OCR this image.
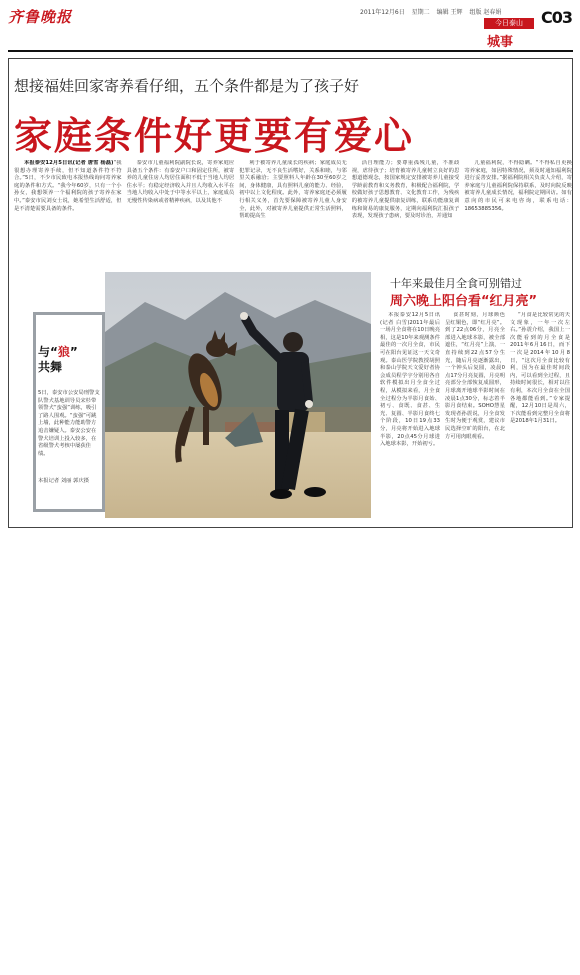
齐鲁晚报	2011年12月6日 星期二 编辑 王辉 组版 赵春娟
今日泰山
城事
C03
想接福娃回家寄养看仔细，五个条件都是为了孩子好
家庭条件好更要有爱心

本报泰安12月5日讯(记者 唐雪 杨磊)“我很想办理寄养手续，但不知道条件符不符合。”5日，不少市民致电本报热线询问寄养家庭的条件和方式。“我今年60岁，只有一个小孙女，我想领养一个福利院的孩子寄养在家中。”泰安市民刘女士说，她希望生活舒适，但是不清楚需要具备的条件。

泰安市儿童福利院副院长说，寄养家庭应具备五个条件：有泰安户口和固定住所，被寄养的儿童住房人均居住面积不低于当地人均居住水平；有稳定经济收入并且人均收入水平在当地人均收入中处于中等水平以上，家庭成员无慢性传染病或者精神疾病，以及其他不

利于被寄养儿童成长的疾病；家庭成员无犯罪记录，无不良生活嗜好，关系和睦，与邻里关系融洽；主要照料人年龄在30至60岁之间，身体健康，具有照料儿童的能力、经验，初中以上文化程度。此外，寄养家庭还必须履行相关义务，首先要保障被寄养儿童人身安全，此外，对被寄养儿童提供正常生活照料，帮助提高生

活自理能力；要尊重孤残儿童，不准歧视，虐待孩子；培育被寄养儿童树立良好的思想道德观念，按国家规定安排被寄养儿童接受学龄前教育和义务教育，积极配合福利院，学校做好孩子思想教育、文化教育工作，为残疾的被寄养儿童提供康复训练，联系功能康复训练和简易的康复服务，定期向福利院汇报孩子表现，发现孩子患病，要及时诊治，并通知

儿童福利院，不得隐瞒。“不得私自更换寄养家庭，如因特殊情况，须及时通知福利院进行妥善安排。”据福利院相关负责人介绍，寄养家庭与儿童福利院保持联系，及时向院反映被寄养儿童成长情况，福利院定期回访。如有意向的市民可来电咨询，联系电话：18653885356。

与“狼”
共舞
5日，泰安市公安局刑警支队警犬基地训导员宋杉带领警犬“蛮强”训练，吸引了路人围观。“蛮强”可跳上墙，此种能力能助警方追击嫌疑人。泰安公安在警犬培训上投入较多，在省级警犬考核中屡获佳绩。
本报记者 刘丽 郭庆摄
十年来最佳月全食可别错过
周六晚上阳台看“红月亮”

本报泰安12月5日讯(记者 白雪)2011年最后一场月全食将在10日晚亮相，这是10年来观测条件最佳的一次月全食，市民可在阳台见证这一天文奇观。泰山医学院教授胡照和泰山学院天文爱好者协会成员程学宇分别用各自软件模拟出月全食全过程，从模拟来看，月全食全过程分为半影月食始、初亏、食既、食甚、生光、复圆、半影月食终七个阶段，10日19点33分，月亮将开始进入地球半影，20点45分月球进入地球本影，开始初亏。

食甚时刻，月球颜色呈红铜色，即“红月亮”。到了22点06分，月亮全部进入地球本影，被全部遮住，“红月亮”上演，一直持续到22点57分生光，随后月亮逐渐露出，一个钟头后复圆，凌晨0点17分月亮复圆，月亮明亮部分全部恢复成圆形，月球离开地球半影时间在凌晨1点30分，标志着半影月食结束。SOHO慧星发现者孙震说，月全食发生时为便于观赏，建议市民选择空旷的阳台，在北方可用肉眼观看。

“月食是比较常见的天文现象，一年一次左右。”孙震介绍，我国上一次能看到的月全食是2011年6月16日，而下一次是2014年10月8日，“这次月全食比较有利，因为在最佳时间段内，可以看到全过程，且持续时间很长，相对以往有利，本次月全食在全国各地都能看到。”专家提醒，12月10日是周六，下次能看到完整月全食将是2018年1月31日。
